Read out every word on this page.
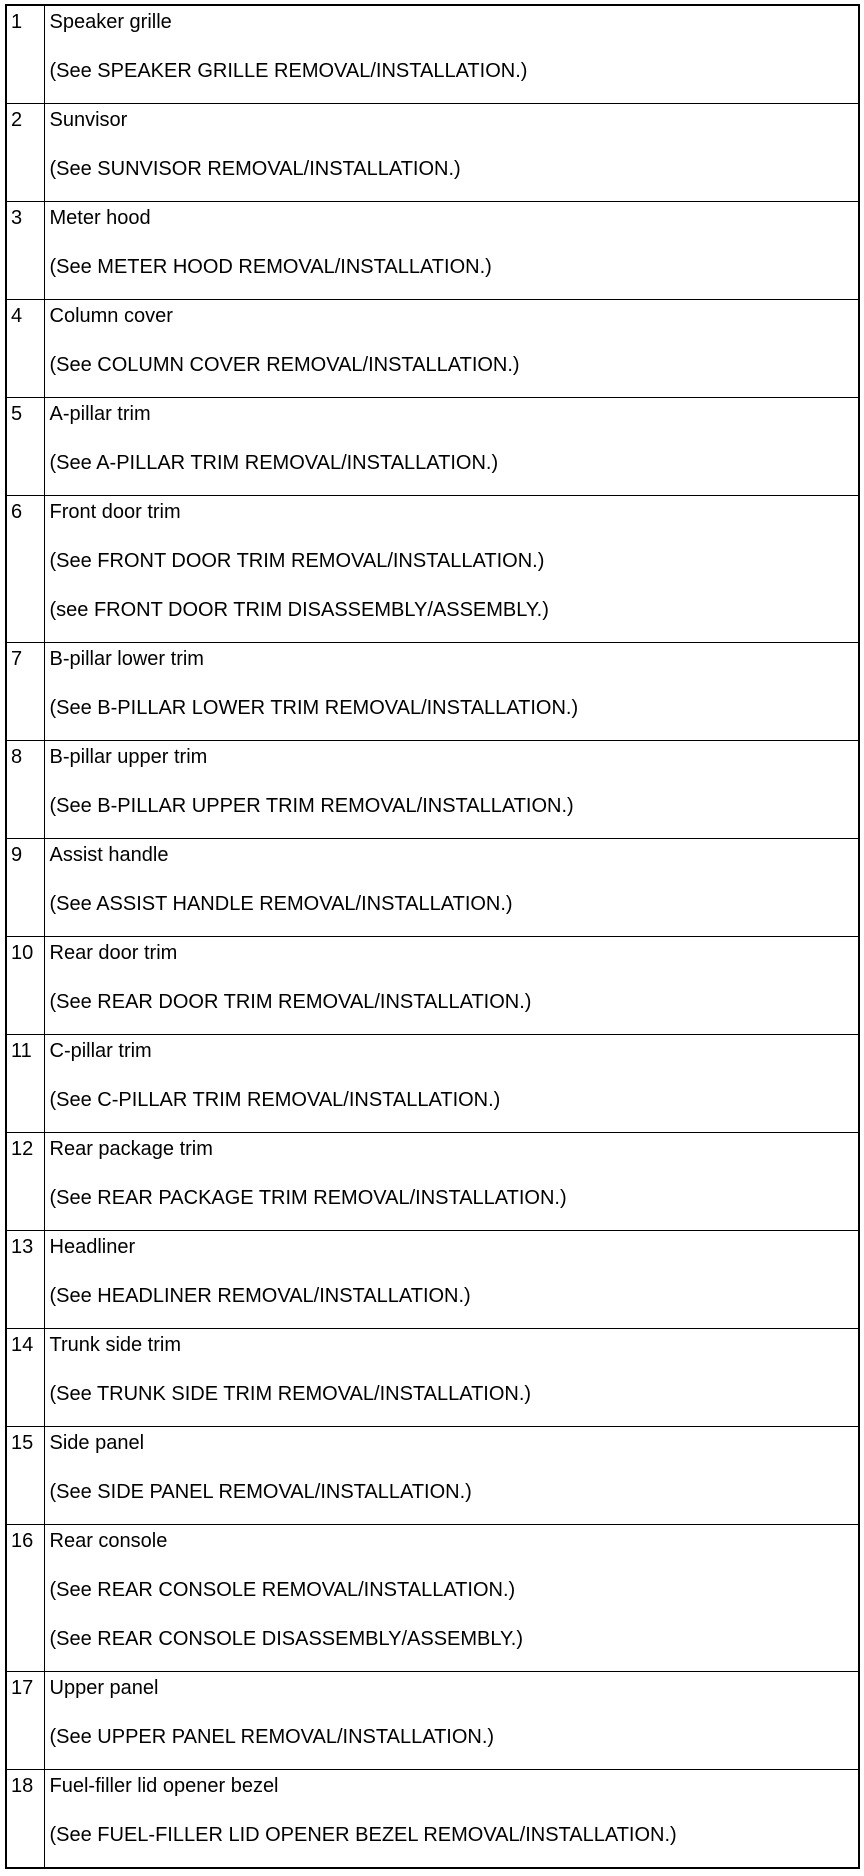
1	Speaker grille
(See SPEAKER GRILLE REMOVAL/INSTALLATION.)

2	Sunvisor
(See SUNVISOR REMOVAL/INSTALLATION.)

3	Meter hood
(See METER HOOD REMOVAL/INSTALLATION.)

4	Column cover
(See COLUMN COVER REMOVAL/INSTALLATION.)

5	A-pillar trim
(See A-PILLAR TRIM REMOVAL/INSTALLATION.)

6	Front door trim
(See FRONT DOOR TRIM REMOVAL/INSTALLATION.)
(see FRONT DOOR TRIM DISASSEMBLY/ASSEMBLY.)

7	B-pillar lower trim
(See B-PILLAR LOWER TRIM REMOVAL/INSTALLATION.)

8	B-pillar upper trim
(See B-PILLAR UPPER TRIM REMOVAL/INSTALLATION.)

9	Assist handle
(See ASSIST HANDLE REMOVAL/INSTALLATION.)

10	Rear door trim
(See REAR DOOR TRIM REMOVAL/INSTALLATION.)

11	C-pillar trim
(See C-PILLAR TRIM REMOVAL/INSTALLATION.)

12	Rear package trim
(See REAR PACKAGE TRIM REMOVAL/INSTALLATION.)

13	Headliner
(See HEADLINER REMOVAL/INSTALLATION.)

14	Trunk side trim
(See TRUNK SIDE TRIM REMOVAL/INSTALLATION.)

15	Side panel
(See SIDE PANEL REMOVAL/INSTALLATION.)

16	Rear console
(See REAR CONSOLE REMOVAL/INSTALLATION.)
(See REAR CONSOLE DISASSEMBLY/ASSEMBLY.)

17	Upper panel
(See UPPER PANEL REMOVAL/INSTALLATION.)

18	Fuel-filler lid opener bezel
(See FUEL-FILLER LID OPENER BEZEL REMOVAL/INSTALLATION.)
